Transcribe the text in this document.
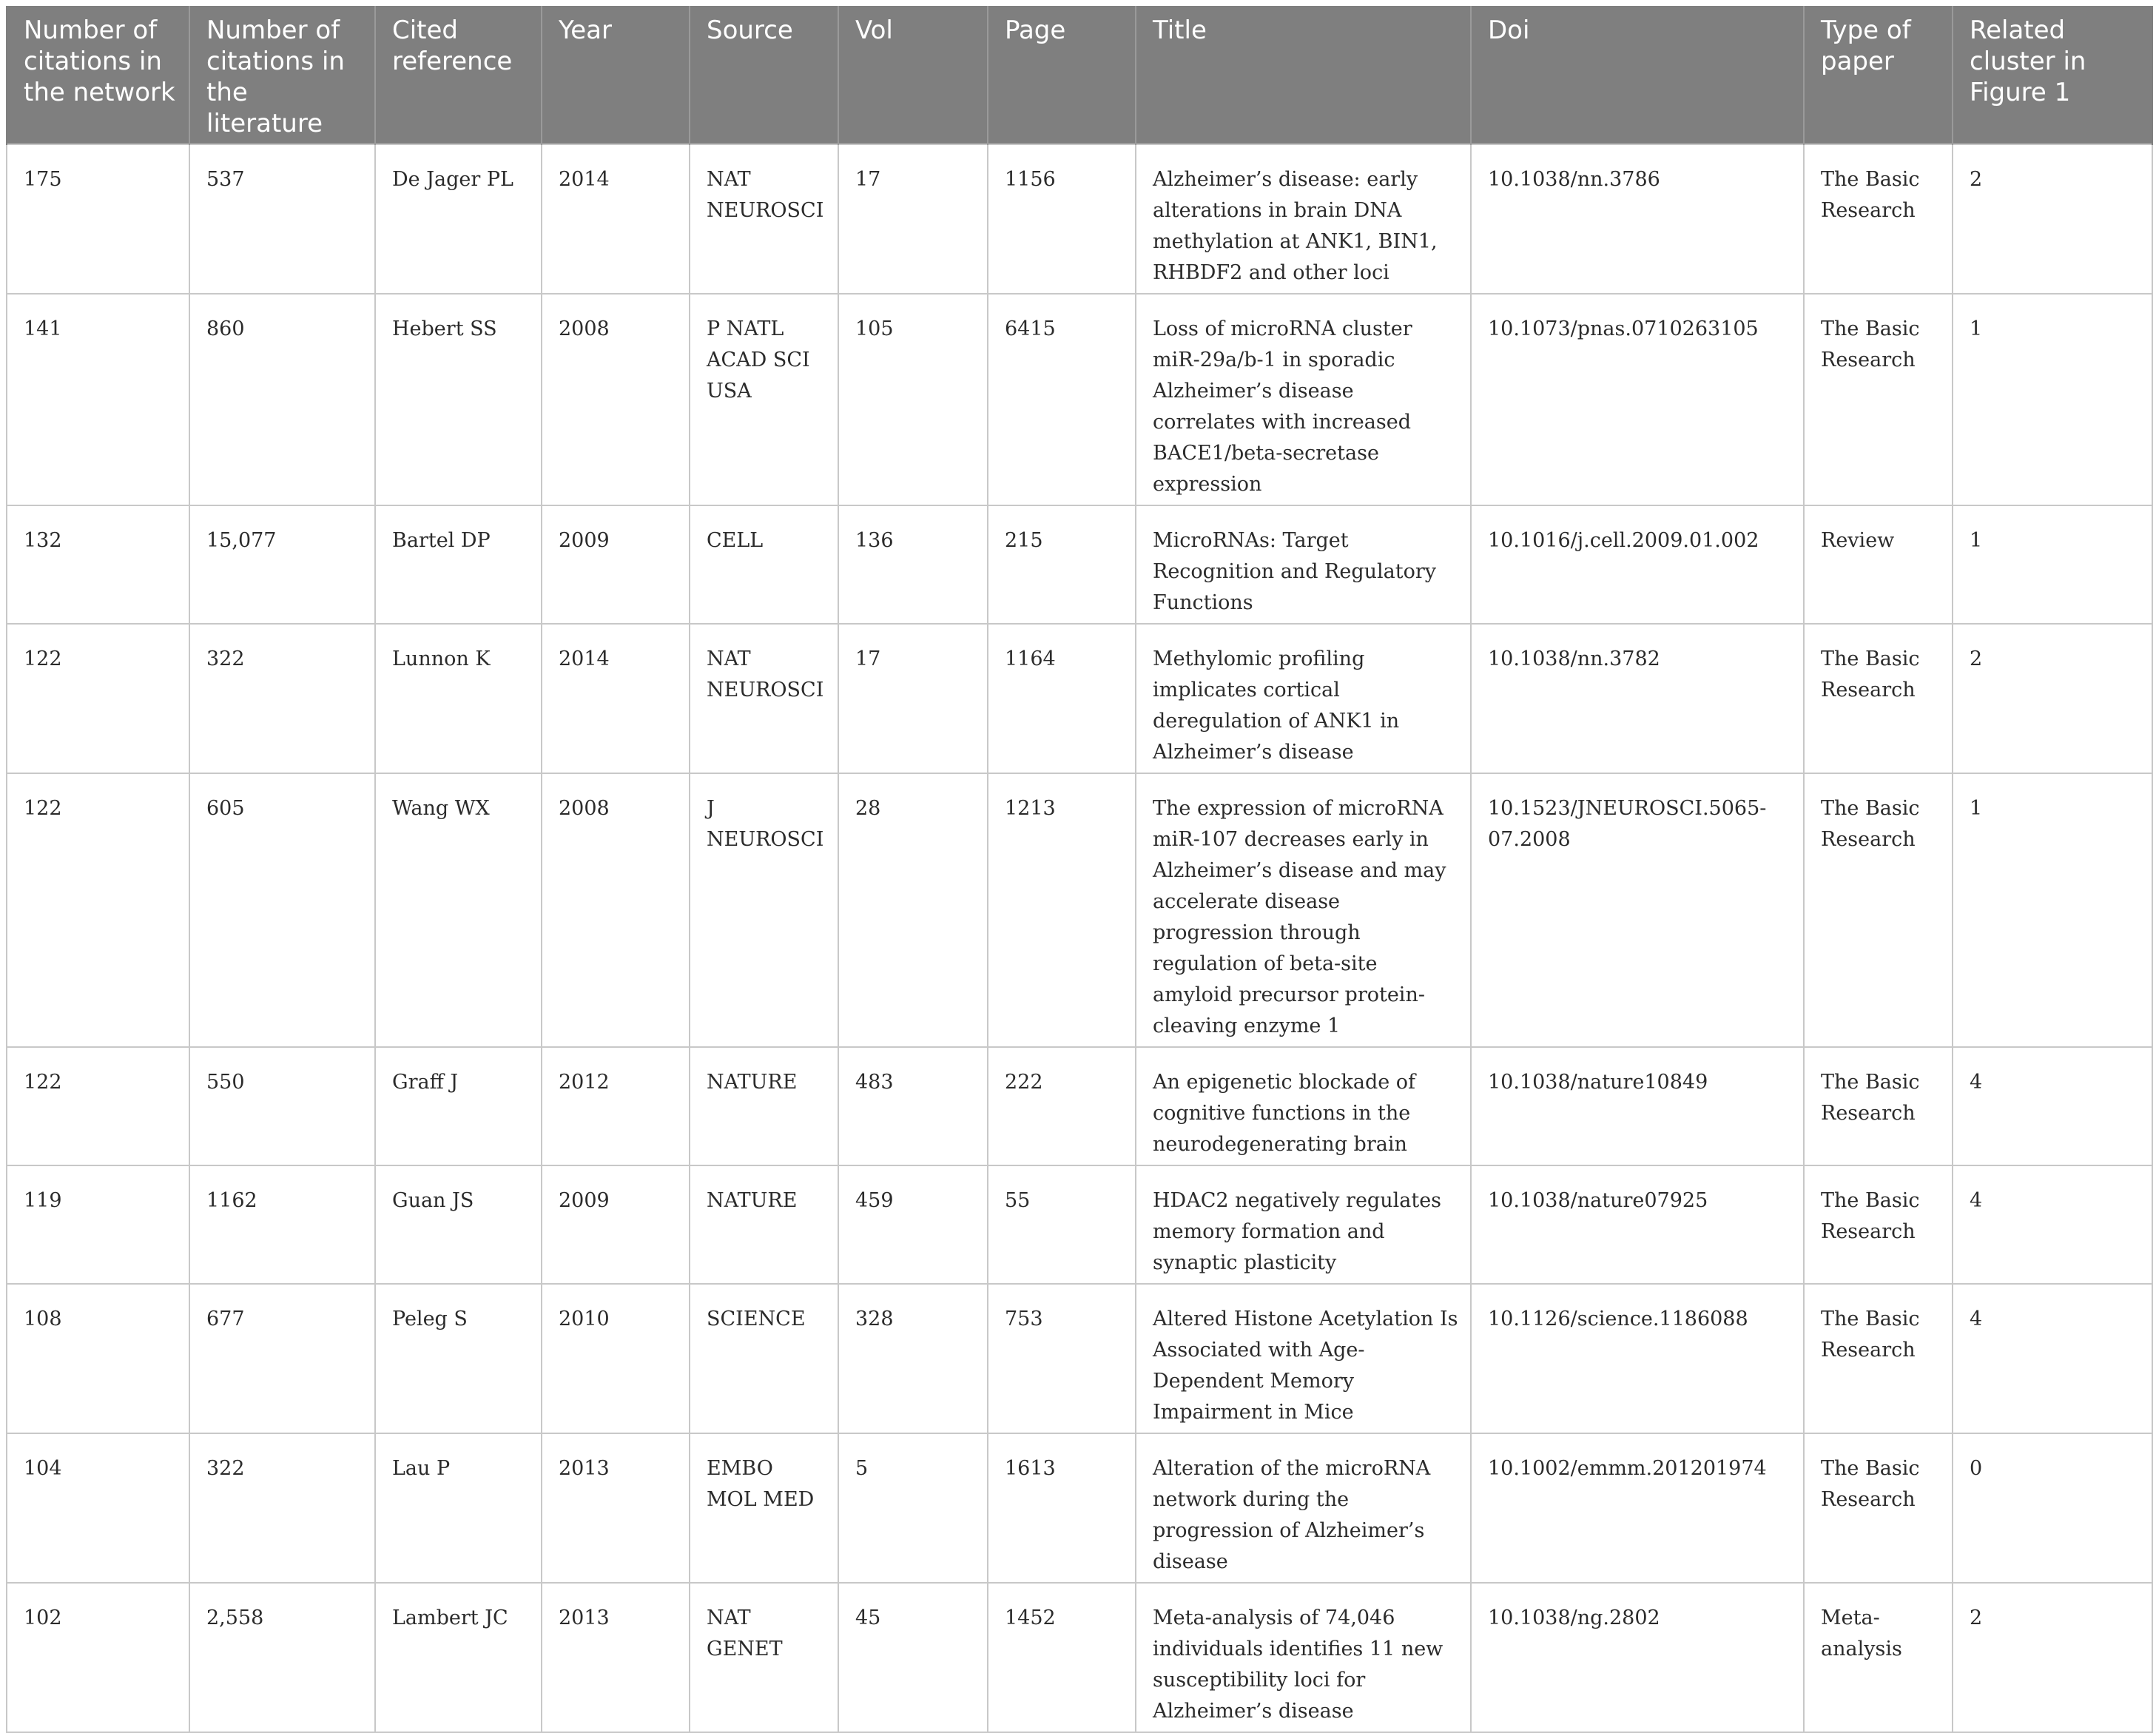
Number of citations in the network	Number of citations in the literature	Cited reference	Year	Source	Vol	Page	Title	Doi	Type of paper	Related cluster in Figure 1
175	537	De Jager PL	2014	NAT NEUROSCI	17	1156	Alzheimer’s disease: early alterations in brain DNA methylation at ANK1, BIN1, RHBDF2 and other loci	10.1038/nn.3786	The Basic Research	2
141	860	Hebert SS	2008	P NATL ACAD SCI USA	105	6415	Loss of microRNA cluster miR-29a/b-1 in sporadic Alzheimer’s disease correlates with increased BACE1/beta-secretase expression	10.1073/pnas.0710263105	The Basic Research	1
132	15,077	Bartel DP	2009	CELL	136	215	MicroRNAs: Target Recognition and Regulatory Functions	10.1016/j.cell.2009.01.002	Review	1
122	322	Lunnon K	2014	NAT NEUROSCI	17	1164	Methylomic profiling implicates cortical deregulation of ANK1 in Alzheimer’s disease	10.1038/nn.3782	The Basic Research	2
122	605	Wang WX	2008	J NEUROSCI	28	1213	The expression of microRNA miR-107 decreases early in Alzheimer’s disease and may accelerate disease progression through regulation of beta-site amyloid precursor protein-cleaving enzyme 1	10.1523/JNEUROSCI.5065-07.2008	The Basic Research	1
122	550	Graff J	2012	NATURE	483	222	An epigenetic blockade of cognitive functions in the neurodegenerating brain	10.1038/nature10849	The Basic Research	4
119	1162	Guan JS	2009	NATURE	459	55	HDAC2 negatively regulates memory formation and synaptic plasticity	10.1038/nature07925	The Basic Research	4
108	677	Peleg S	2010	SCIENCE	328	753	Altered Histone Acetylation Is Associated with Age-Dependent Memory Impairment in Mice	10.1126/science.1186088	The Basic Research	4
104	322	Lau P	2013	EMBO MOL MED	5	1613	Alteration of the microRNA network during the progression of Alzheimer’s disease	10.1002/emmm.201201974	The Basic Research	0
102	2,558	Lambert JC	2013	NAT GENET	45	1452	Meta-analysis of 74,046 individuals identifies 11 new susceptibility loci for Alzheimer’s disease	10.1038/ng.2802	Meta-analysis	2
